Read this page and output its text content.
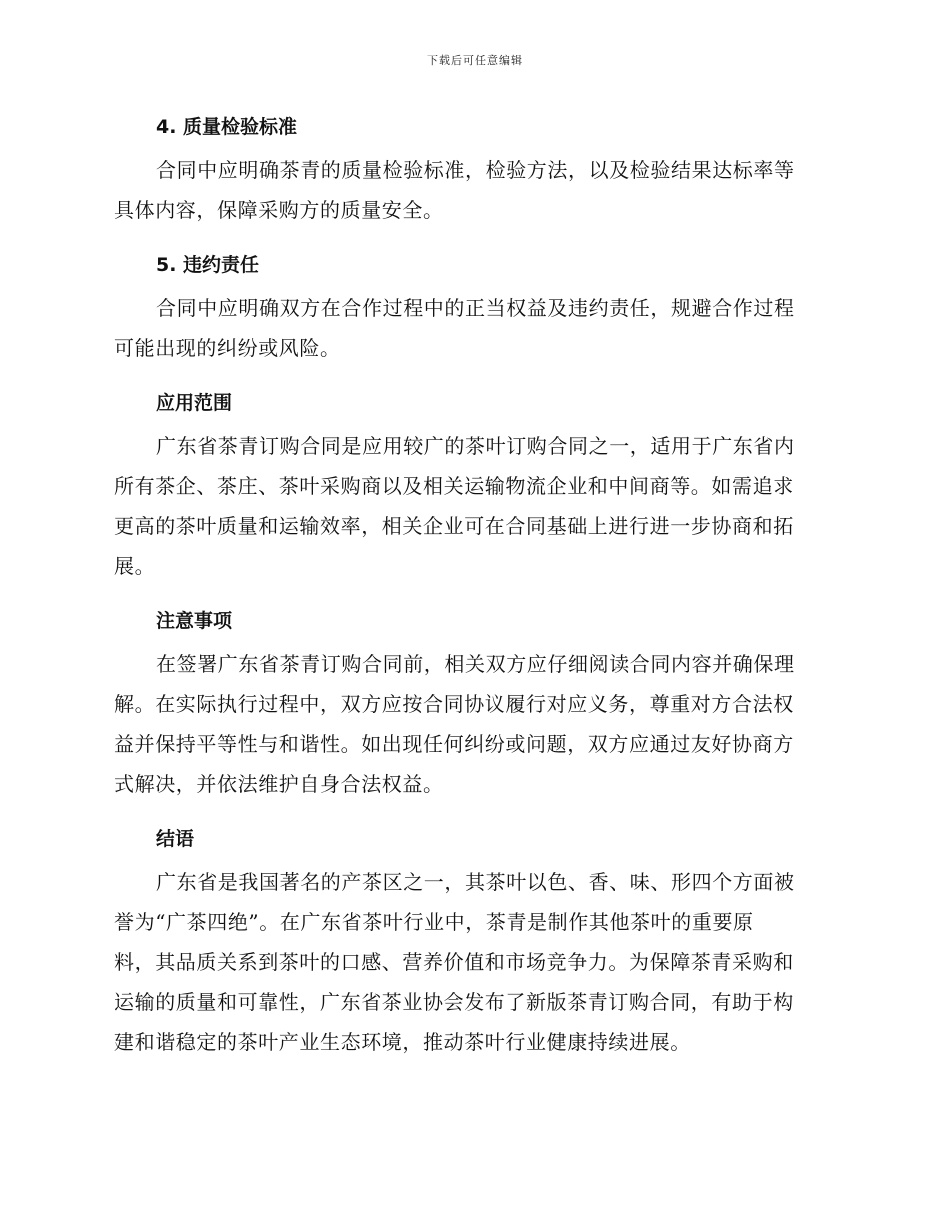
下载后可任意编辑
4. 质量检验标准
合同中应明确茶青的质量检验标准，检验方法，以及检验结果达标率等
具体内容，保障采购方的质量安全。
5. 违约责任
合同中应明确双方在合作过程中的正当权益及违约责任，规避合作过程
可能出现的纠纷或风险。
应用范围
广东省茶青订购合同是应用较广的茶叶订购合同之一，适用于广东省内
所有茶企、茶庄、茶叶采购商以及相关运输物流企业和中间商等。如需追求
更高的茶叶质量和运输效率，相关企业可在合同基础上进行进一步协商和拓
展。
注意事项
在签署广东省茶青订购合同前，相关双方应仔细阅读合同内容并确保理
解。在实际执行过程中，双方应按合同协议履行对应义务，尊重对方合法权
益并保持平等性与和谐性。如出现任何纠纷或问题，双方应通过友好协商方
式解决，并依法维护自身合法权益。
结语
广东省是我国著名的产茶区之一，其茶叶以色、香、味、形四个方面被
誉为“广茶四绝”。在广东省茶叶行业中，茶青是制作其他茶叶的重要原
料，其品质关系到茶叶的口感、营养价值和市场竞争力。为保障茶青采购和
运输的质量和可靠性，广东省茶业协会发布了新版茶青订购合同，有助于构
建和谐稳定的茶叶产业生态环境，推动茶叶行业健康持续进展。
